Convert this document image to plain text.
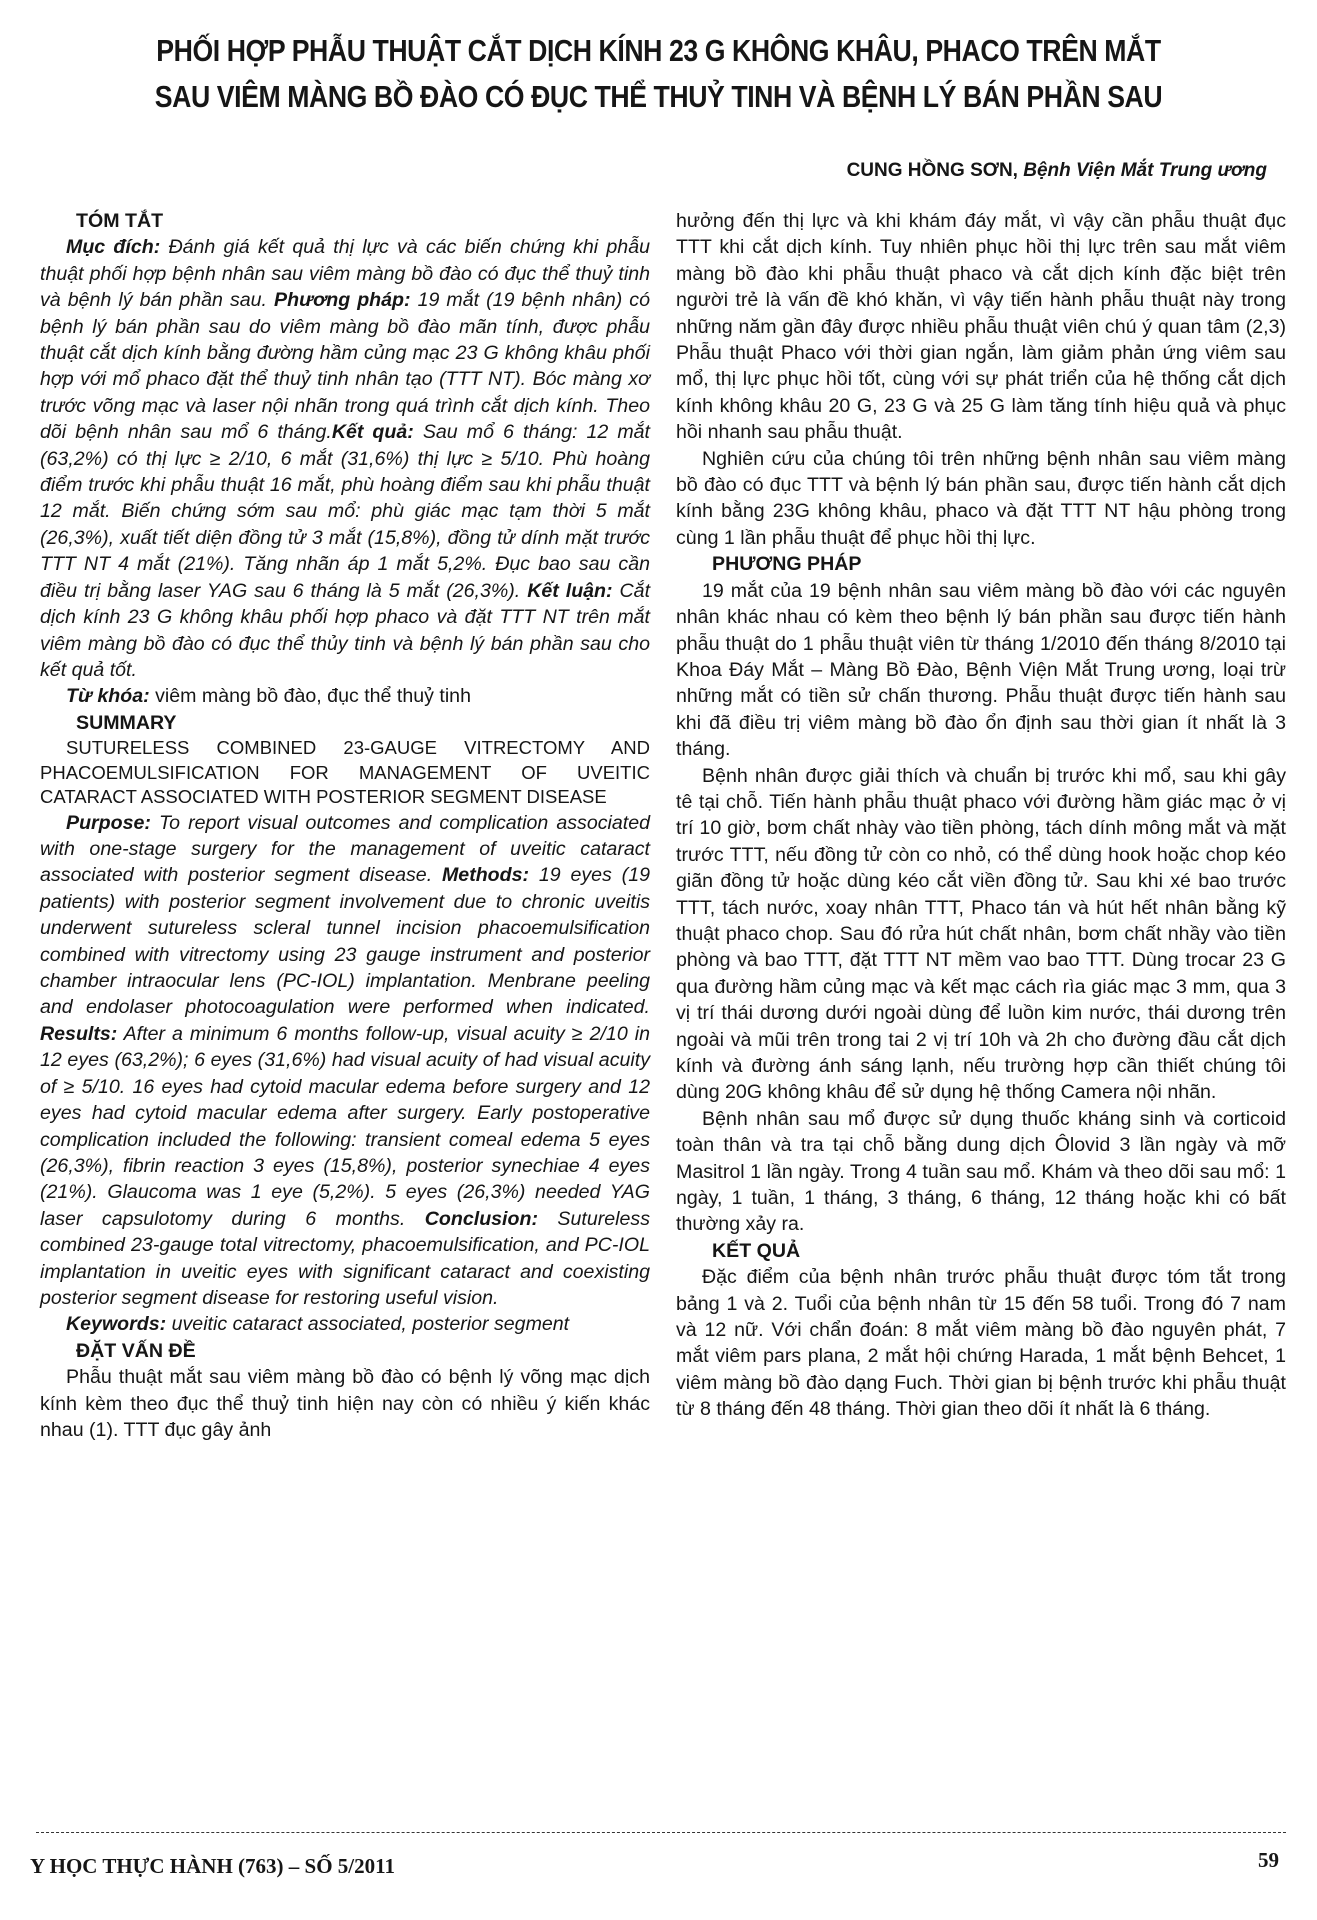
PHỐI HỢP PHẪU THUẬT CẮT DỊCH KÍNH 23 G KHÔNG KHÂU, PHACO TRÊN MẮT
SAU VIÊM MÀNG BỒ ĐÀO CÓ ĐỤC THỂ THUỶ TINH VÀ BỆNH LÝ BÁN PHẦN SAU
CUNG HỒNG SƠN, Bệnh Viện Mắt Trung ương

TÓM TẮT

Mục đích: Đánh giá kết quả thị lực và các biến chứng khi phẫu thuật phối hợp bệnh nhân sau viêm màng bồ đào có đục thể thuỷ tinh và bệnh lý bán phần sau. Phương pháp: 19 mắt (19 bệnh nhân) có bệnh lý bán phần sau do viêm màng bồ đào mãn tính, được phẫu thuật cắt dịch kính bằng đường hầm củng mạc 23 G không khâu phối hợp với mổ phaco đặt thể thuỷ tinh nhân tạo (TTT NT). Bóc màng xơ trước võng mạc và laser nội nhãn trong quá trình cắt dịch kính. Theo dõi bệnh nhân sau mổ 6 tháng.Kết quả: Sau mổ 6 tháng: 12 mắt (63,2%) có thị lực ≥ 2/10, 6 mắt (31,6%) thị lực ≥ 5/10. Phù hoàng điểm trước khi phẫu thuật 16 mắt, phù hoàng điểm sau khi phẫu thuật 12 mắt. Biến chứng sớm sau mổ: phù giác mạc tạm thời 5 mắt (26,3%), xuất tiết diện đồng tử 3 mắt (15,8%), đồng tử dính mặt trước TTT NT 4 mắt (21%). Tăng nhãn áp 1 mắt 5,2%. Đục bao sau cần điều trị bằng laser YAG sau 6 tháng là 5 mắt (26,3%). Kết luận: Cắt dịch kính 23 G không khâu phối hợp phaco và đặt TTT NT trên mắt viêm màng bồ đào có đục thể thủy tinh và bệnh lý bán phần sau cho kết quả tốt.

Từ khóa: viêm màng bồ đào, đục thể thuỷ tinh

SUMMARY

SUTURELESS COMBINED 23-GAUGE VITRECTOMY AND PHACOEMULSIFICATION FOR MANAGEMENT OF UVEITIC CATARACT ASSOCIATED WITH POSTERIOR SEGMENT DISEASE

Purpose: To report visual outcomes and complication associated with one-stage surgery for the management of uveitic cataract associated with posterior segment disease. Methods: 19 eyes (19 patients) with posterior segment involvement due to chronic uveitis underwent sutureless scleral tunnel incision phacoemulsification combined with vitrectomy using 23 gauge instrument and posterior chamber intraocular lens (PC-IOL) implantation. Menbrane peeling and endolaser photocoagulation were performed when indicated. Results: After a minimum 6 months follow-up, visual acuity ≥ 2/10 in 12 eyes (63,2%); 6 eyes (31,6%) had visual acuity of had visual acuity of ≥ 5/10. 16 eyes had cytoid macular edema before surgery and 12 eyes had cytoid macular edema after surgery. Early postoperative complication included the following: transient comeal edema 5 eyes (26,3%), fibrin reaction 3 eyes (15,8%), posterior synechiae 4 eyes (21%). Glaucoma was 1 eye (5,2%). 5 eyes (26,3%) needed YAG laser capsulotomy during 6 months. Conclusion: Sutureless combined 23-gauge total vitrectomy, phacoemulsification, and PC-IOL implantation in uveitic eyes with significant cataract and coexisting posterior segment disease for restoring useful vision.

Keywords: uveitic cataract associated, posterior segment

ĐẶT VẤN ĐỀ

Phẫu thuật mắt sau viêm màng bồ đào có bệnh lý võng mạc dịch kính kèm theo đục thể thuỷ tinh hiện nay còn có nhiều ý kiến khác nhau (1). TTT đục gây ảnh

hưởng đến thị lực và khi khám đáy mắt, vì vậy cần phẫu thuật đục TTT khi cắt dịch kính. Tuy nhiên phục hồi thị lực trên sau mắt viêm màng bồ đào khi phẫu thuật phaco và cắt dịch kính đặc biệt trên người trẻ là vấn đề khó khăn, vì vậy tiến hành phẫu thuật này trong những năm gần đây được nhiều phẫu thuật viên chú ý quan tâm (2,3) Phẫu thuật Phaco với thời gian ngắn, làm giảm phản ứng viêm sau mổ, thị lực phục hồi tốt, cùng với sự phát triển của hệ thống cắt dịch kính không khâu 20 G, 23 G và 25 G làm tăng tính hiệu quả và phục hồi nhanh sau phẫu thuật.

Nghiên cứu của chúng tôi trên những bệnh nhân sau viêm màng bồ đào có đục TTT và bệnh lý bán phần sau, được tiến hành cắt dịch kính bằng 23G không khâu, phaco và đặt TTT NT hậu phòng trong cùng 1 lần phẫu thuật để phục hồi thị lực.

PHƯƠNG PHÁP

19 mắt của 19 bệnh nhân sau viêm màng bồ đào với các nguyên nhân khác nhau có kèm theo bệnh lý bán phần sau được tiến hành phẫu thuật do 1 phẫu thuật viên từ tháng 1/2010 đến tháng 8/2010 tại Khoa Đáy Mắt – Màng Bồ Đào, Bệnh Viện Mắt Trung ương, loại trừ những mắt có tiền sử chấn thương. Phẫu thuật được tiến hành sau khi đã điều trị viêm màng bồ đào ổn định sau thời gian ít nhất là 3 tháng.

Bệnh nhân được giải thích và chuẩn bị trước khi mổ, sau khi gây tê tại chỗ. Tiến hành phẫu thuật phaco với đường hầm giác mạc ở vị trí 10 giờ, bơm chất nhày vào tiền phòng, tách dính mông mắt và mặt trước TTT, nếu đồng tử còn co nhỏ, có thể dùng hook hoặc chop kéo giãn đồng tử hoặc dùng kéo cắt viền đồng tử. Sau khi xé bao trước TTT, tách nước, xoay nhân TTT, Phaco tán và hút hết nhân bằng kỹ thuật phaco chop. Sau đó rửa hút chất nhân, bơm chất nhầy vào tiền phòng và bao TTT, đặt TTT NT mềm vao bao TTT. Dùng trocar 23 G qua đường hầm củng mạc và kết mạc cách rìa giác mạc 3 mm, qua 3 vị trí thái dương dưới ngoài dùng để luồn kim nước, thái dương trên ngoài và mũi trên trong tai 2 vị trí 10h và 2h cho đường đầu cắt dịch kính và đường ánh sáng lạnh, nếu trường hợp cần thiết chúng tôi dùng 20G không khâu để sử dụng hệ thống Camera nội nhãn.

Bệnh nhân sau mổ được sử dụng thuốc kháng sinh và corticoid toàn thân và tra tại chỗ bằng dung dịch Ôlovid 3 lần ngày và mỡ Masitrol 1 lần ngày. Trong 4 tuần sau mổ. Khám và theo dõi sau mổ: 1 ngày, 1 tuần, 1 tháng, 3 tháng, 6 tháng, 12 tháng hoặc khi có bất thường xảy ra.

KẾT QUẢ

Đặc điểm của bệnh nhân trước phẫu thuật được tóm tắt trong bảng 1 và 2. Tuổi của bệnh nhân từ 15 đến 58 tuổi. Trong đó 7 nam và 12 nữ. Với chẩn đoán: 8 mắt viêm màng bồ đào nguyên phát, 7 mắt viêm pars plana, 2 mắt hội chứng Harada, 1 mắt bệnh Behcet, 1 viêm màng bồ đào dạng Fuch. Thời gian bị bệnh trước khi phẫu thuật từ 8 tháng đến 48 tháng. Thời gian theo dõi ít nhất là 6 tháng.

Y HỌC THỰC HÀNH (763) – SỐ 5/2011	59
